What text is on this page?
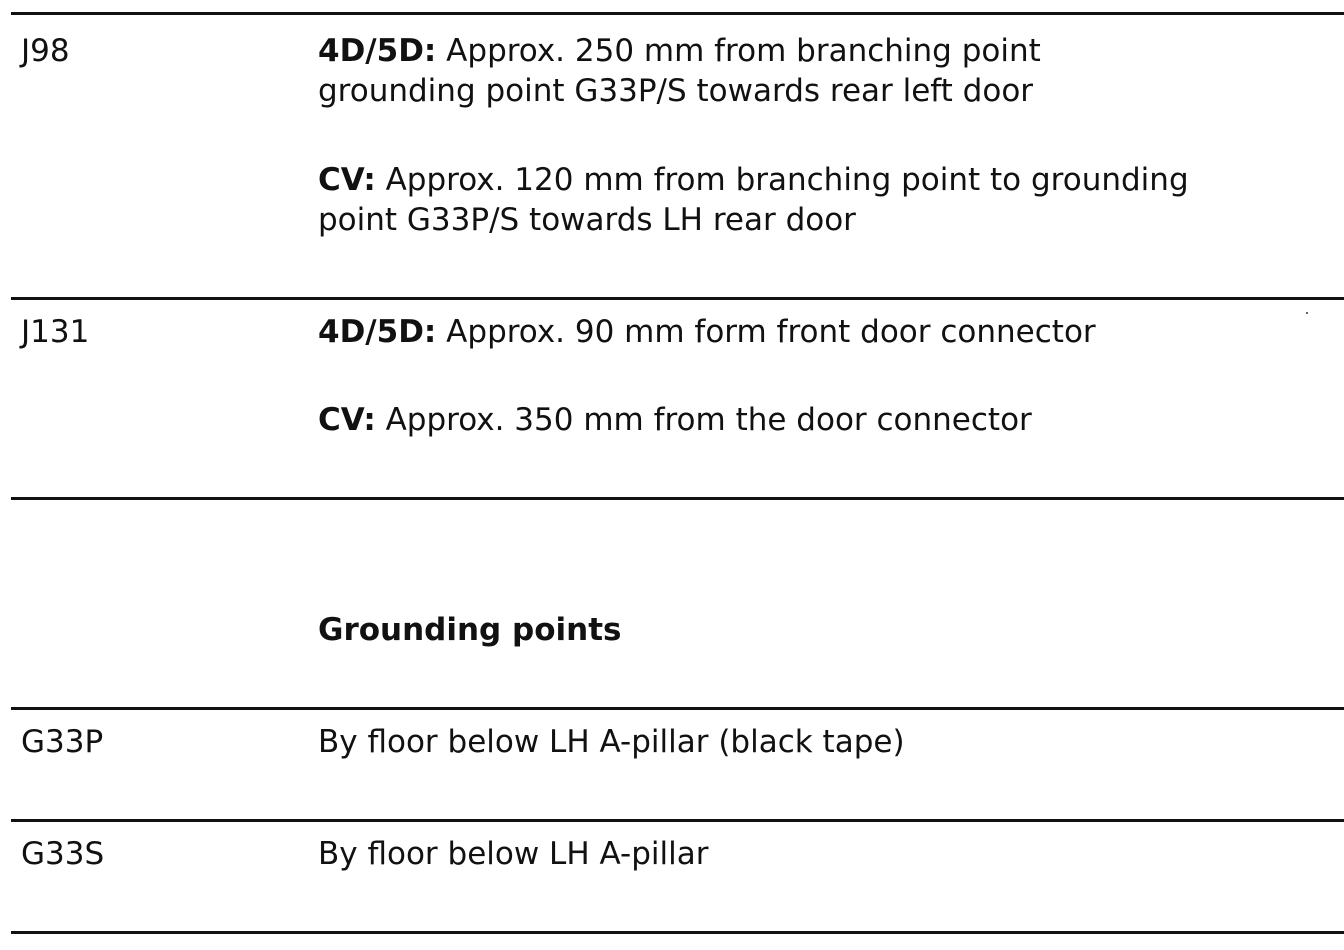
J98	4D/5D: Approx. 250 mm from branching point
grounding point G33P/S towards rear left door
CV: Approx. 120 mm from branching point to grounding
point G33P/S towards LH rear door
J131	4D/5D: Approx. 90 mm form front door connector
CV: Approx. 350 mm from the door connector
Grounding points
G33P	By floor below LH A-pillar (black tape)
G33S	By floor below LH A-pillar
